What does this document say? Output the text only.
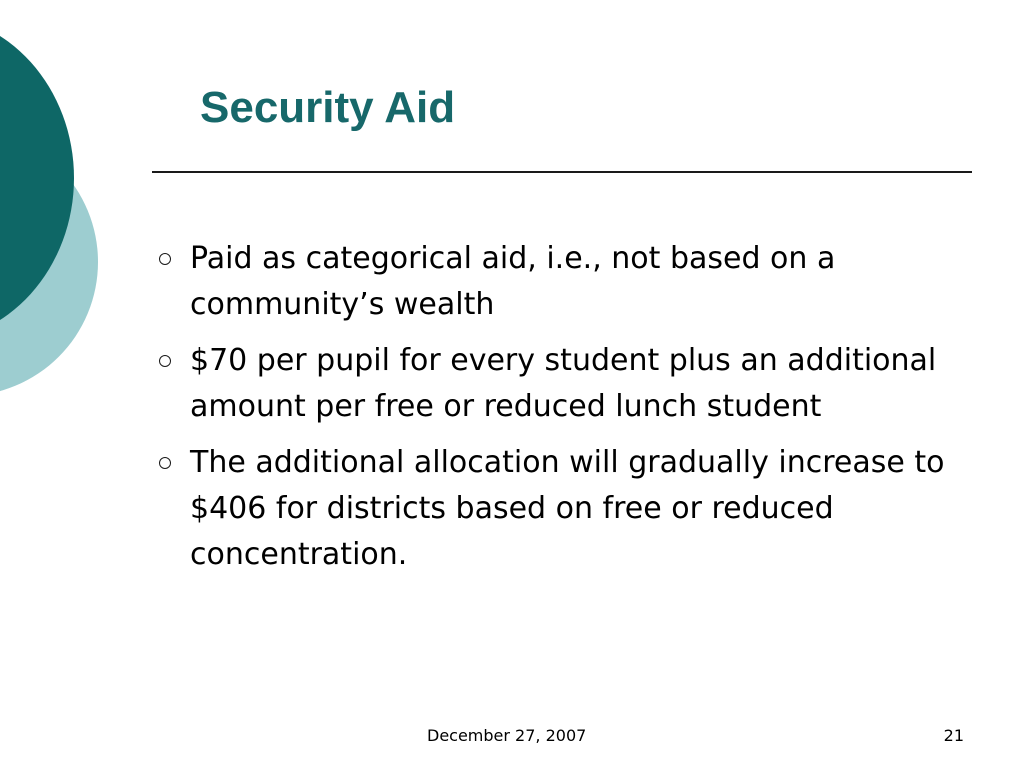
Security Aid
Paid as categorical aid, i.e., not based on a community’s wealth
$70 per pupil for every student plus an additional amount per free or reduced lunch student
The additional allocation will gradually increase to $406 for districts based on free or reduced concentration.
December 27, 2007	21
